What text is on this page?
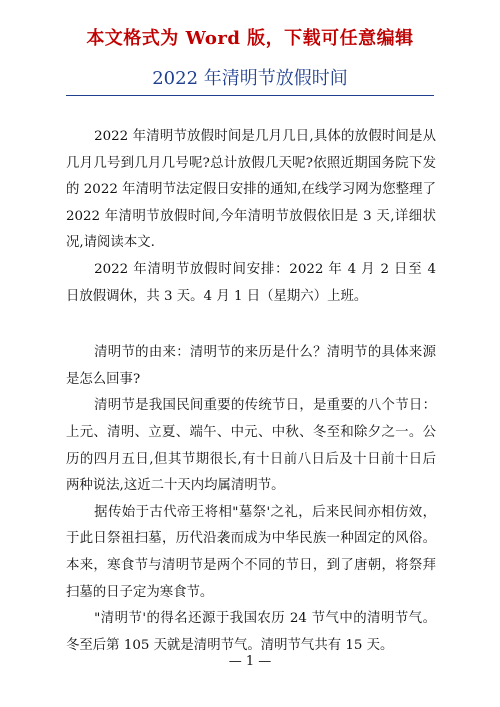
本文格式为 Word 版，下载可任意编辑
2022 年清明节放假时间

2022 年清明节放假时间是几月几日,具体的放假时间是从几月几号到几月几号呢?总计放假几天呢?依照近期国务院下发的 2022 年清明节法定假日安排的通知,在线学习网为您整理了 2022 年清明节放假时间,今年清明节放假依旧是 3 天,详细状况,请阅读本文.

2022 年清明节放假时间安排：2022 年 4 月 2 日至 4 日放假调休，共 3 天。4 月 1 日（星期六）上班。

清明节的由来：清明节的来历是什么？清明节的具体来源是怎么回事?

清明节是我国民间重要的传统节日，是重要的八个节日：上元、清明、立夏、端午、中元、中秋、冬至和除夕之一。公历的四月五日,但其节期很长,有十日前八日后及十日前十日后两种说法,这近二十天内均属清明节。

据传始于古代帝王将相"墓祭'之礼，后来民间亦相仿效，于此日祭祖扫墓，历代沿袭而成为中华民族一种固定的风俗。本来，寒食节与清明节是两个不同的节日，到了唐朝，将祭拜扫墓的日子定为寒食节。

"清明节'的得名还源于我国农历 24 节气中的清明节气。冬至后第 105 天就是清明节气。清明节气共有 15 天。

— 1 —
